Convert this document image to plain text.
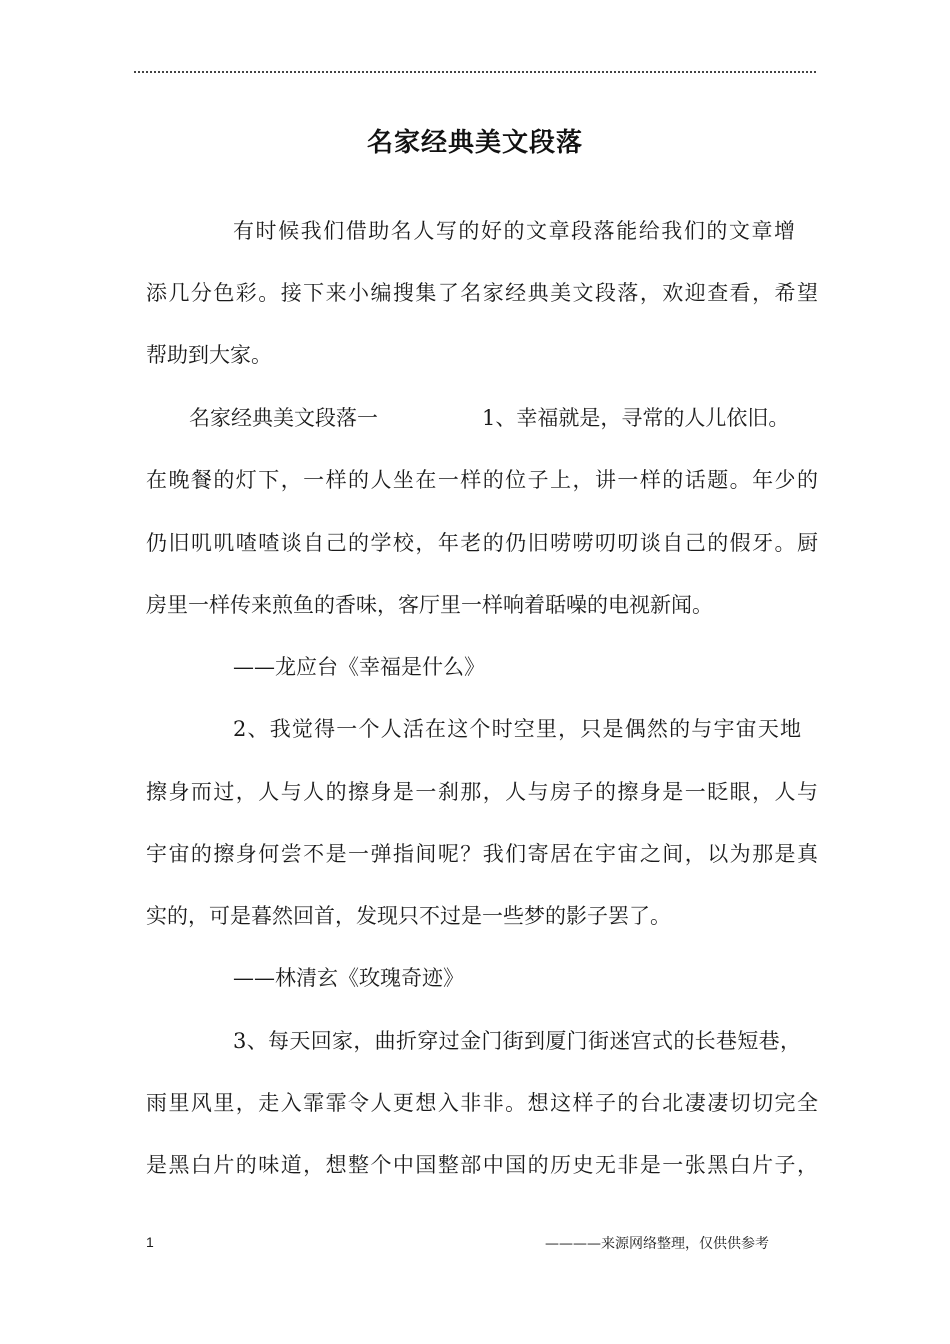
名家经典美文段落
有时候我们借助名人写的好的文章段落能给我们的文章增
添几分色彩。接下来小编搜集了名家经典美文段落，欢迎查看，希望
帮助到大家。
名家经典美文段落一	1、幸福就是，寻常的人儿依旧。
在晚餐的灯下，一样的人坐在一样的位子上，讲一样的话题。年少的
仍旧叽叽喳喳谈自己的学校，年老的仍旧唠唠叨叨谈自己的假牙。厨
房里一样传来煎鱼的香味，客厅里一样响着聒噪的电视新闻。
——龙应台《幸福是什么》
2、我觉得一个人活在这个时空里，只是偶然的与宇宙天地
擦身而过，人与人的擦身是一刹那，人与房子的擦身是一眨眼，人与
宇宙的擦身何尝不是一弹指间呢？我们寄居在宇宙之间，以为那是真
实的，可是暮然回首，发现只不过是一些梦的影子罢了。
——林清玄《玫瑰奇迹》
3、每天回家，曲折穿过金门街到厦门街迷宫式的长巷短巷，
雨里风里，走入霏霏令人更想入非非。想这样子的台北凄凄切切完全
是黑白片的味道，想整个中国整部中国的历史无非是一张黑白片子，
1	————来源网络整理，仅供供参考
